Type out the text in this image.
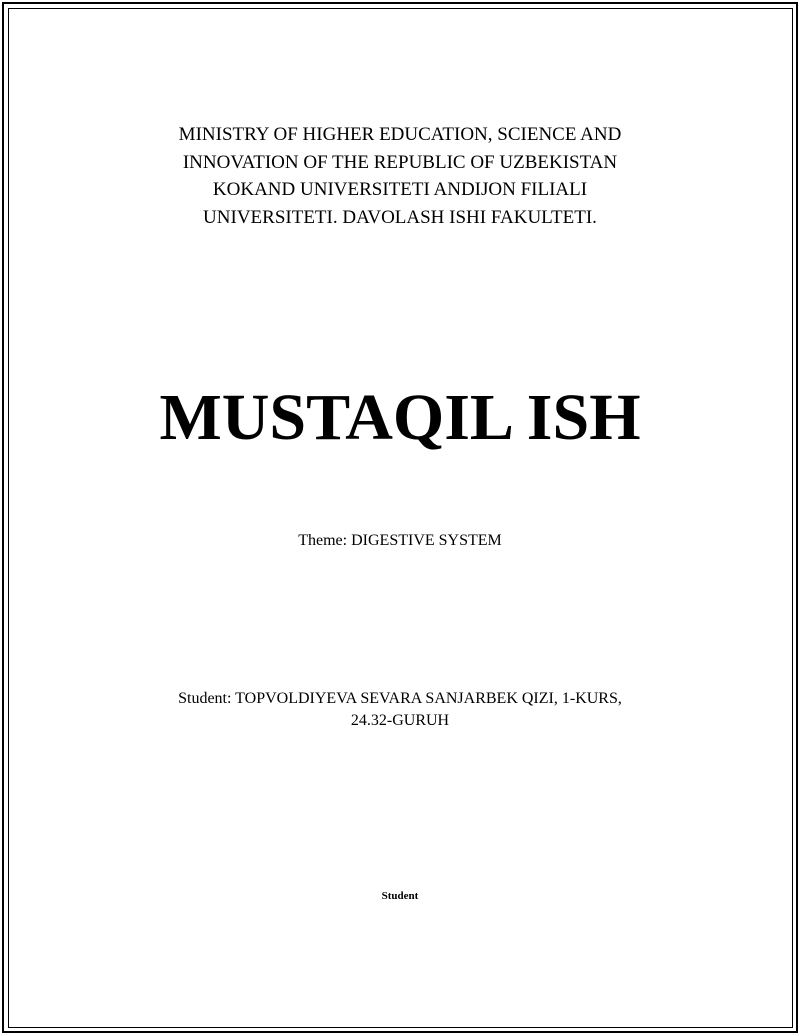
MINISTRY OF HIGHER EDUCATION, SCIENCE AND
INNOVATION OF THE REPUBLIC OF UZBEKISTAN
KOKAND UNIVERSITETI ANDIJON FILIALI
UNIVERSITETI. DAVOLASH ISHI FAKULTETI.
MUSTAQIL ISH
Theme: DIGESTIVE SYSTEM
Student: TOPVOLDIYEVA SEVARA SANJARBEK QIZI, 1-KURS,
24.32-GURUH
Student
